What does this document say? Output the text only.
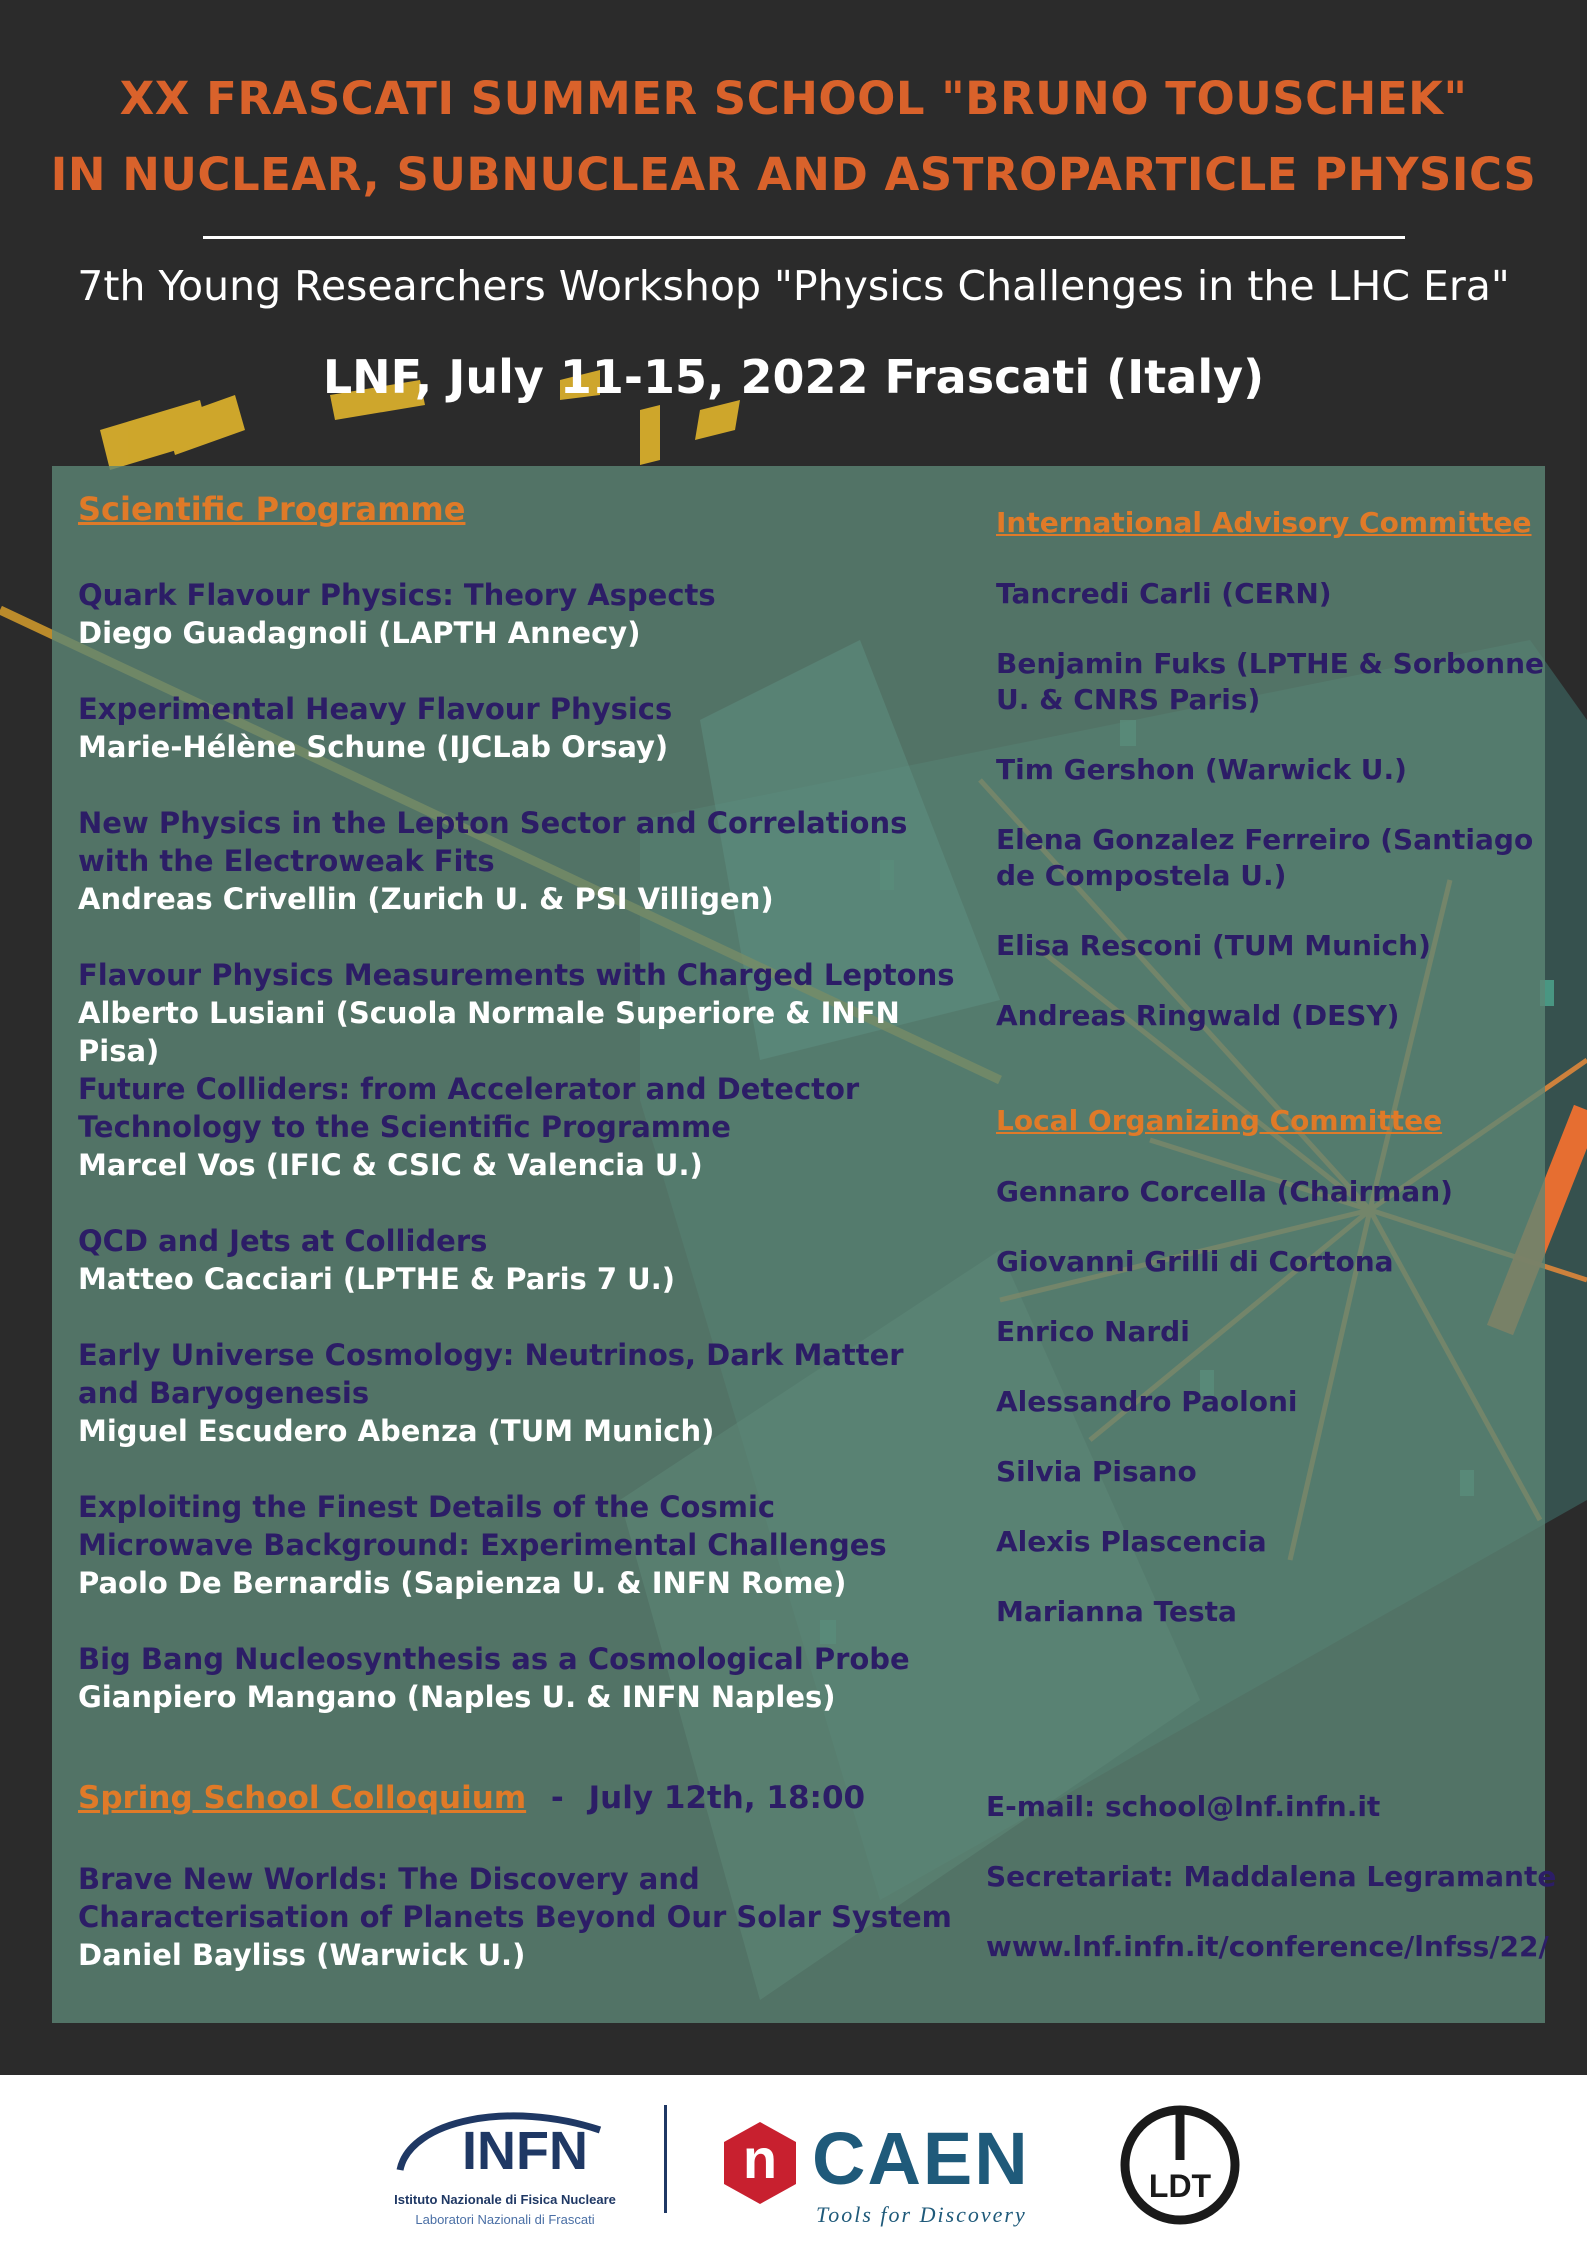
XX FRASCATI SUMMER SCHOOL "BRUNO TOUSCHEK"
IN NUCLEAR, SUBNUCLEAR AND ASTROPARTICLE PHYSICS
7th Young Researchers Workshop "Physics Challenges in the LHC Era"
LNF, July 11-15, 2022 Frascati (Italy)
Scientific Programme
Quark Flavour Physics: Theory Aspects
Diego Guadagnoli (LAPTH Annecy)
Experimental Heavy Flavour Physics
Marie-Hélène Schune (IJCLab Orsay)
New Physics in the Lepton Sector and Correlations with the Electroweak Fits
Andreas Crivellin (Zurich U. & PSI Villigen)
Flavour Physics Measurements with Charged Leptons
Alberto Lusiani (Scuola Normale Superiore & INFN Pisa)
Future Colliders: from Accelerator and Detector Technology to the Scientific Programme
Marcel Vos (IFIC & CSIC & Valencia U.)
QCD and Jets at Colliders
Matteo Cacciari (LPTHE & Paris 7 U.)
Early Universe Cosmology: Neutrinos, Dark Matter and Baryogenesis
Miguel Escudero Abenza (TUM Munich)
Exploiting the Finest Details of the Cosmic Microwave Background: Experimental Challenges
Paolo De Bernardis (Sapienza U. & INFN Rome)
Big Bang Nucleosynthesis as a Cosmological Probe
Gianpiero Mangano (Naples U. & INFN Naples)
Spring School Colloquium - July 12th, 18:00
Brave New Worlds: The Discovery and Characterisation of Planets Beyond Our Solar System
Daniel Bayliss (Warwick U.)
International Advisory Committee
Tancredi Carli (CERN)
Benjamin Fuks (LPTHE & Sorbonne U. & CNRS Paris)
Tim Gershon (Warwick U.)
Elena Gonzalez Ferreiro (Santiago de Compostela U.)
Elisa Resconi (TUM Munich)
Andreas Ringwald (DESY)
Local Organizing Committee
Gennaro Corcella (Chairman)
Giovanni Grilli di Cortona
Enrico Nardi
Alessandro Paoloni
Silvia Pisano
Alexis Plascencia
Marianna Testa
E-mail: school@lnf.infn.it
Secretariat: Maddalena Legramante
www.lnf.infn.it/conference/lnfss/22/
INFN
Istituto Nazionale di Fisica Nucleare
Laboratori Nazionali di Frascati
n CAEN
Tools for Discovery
LDT
